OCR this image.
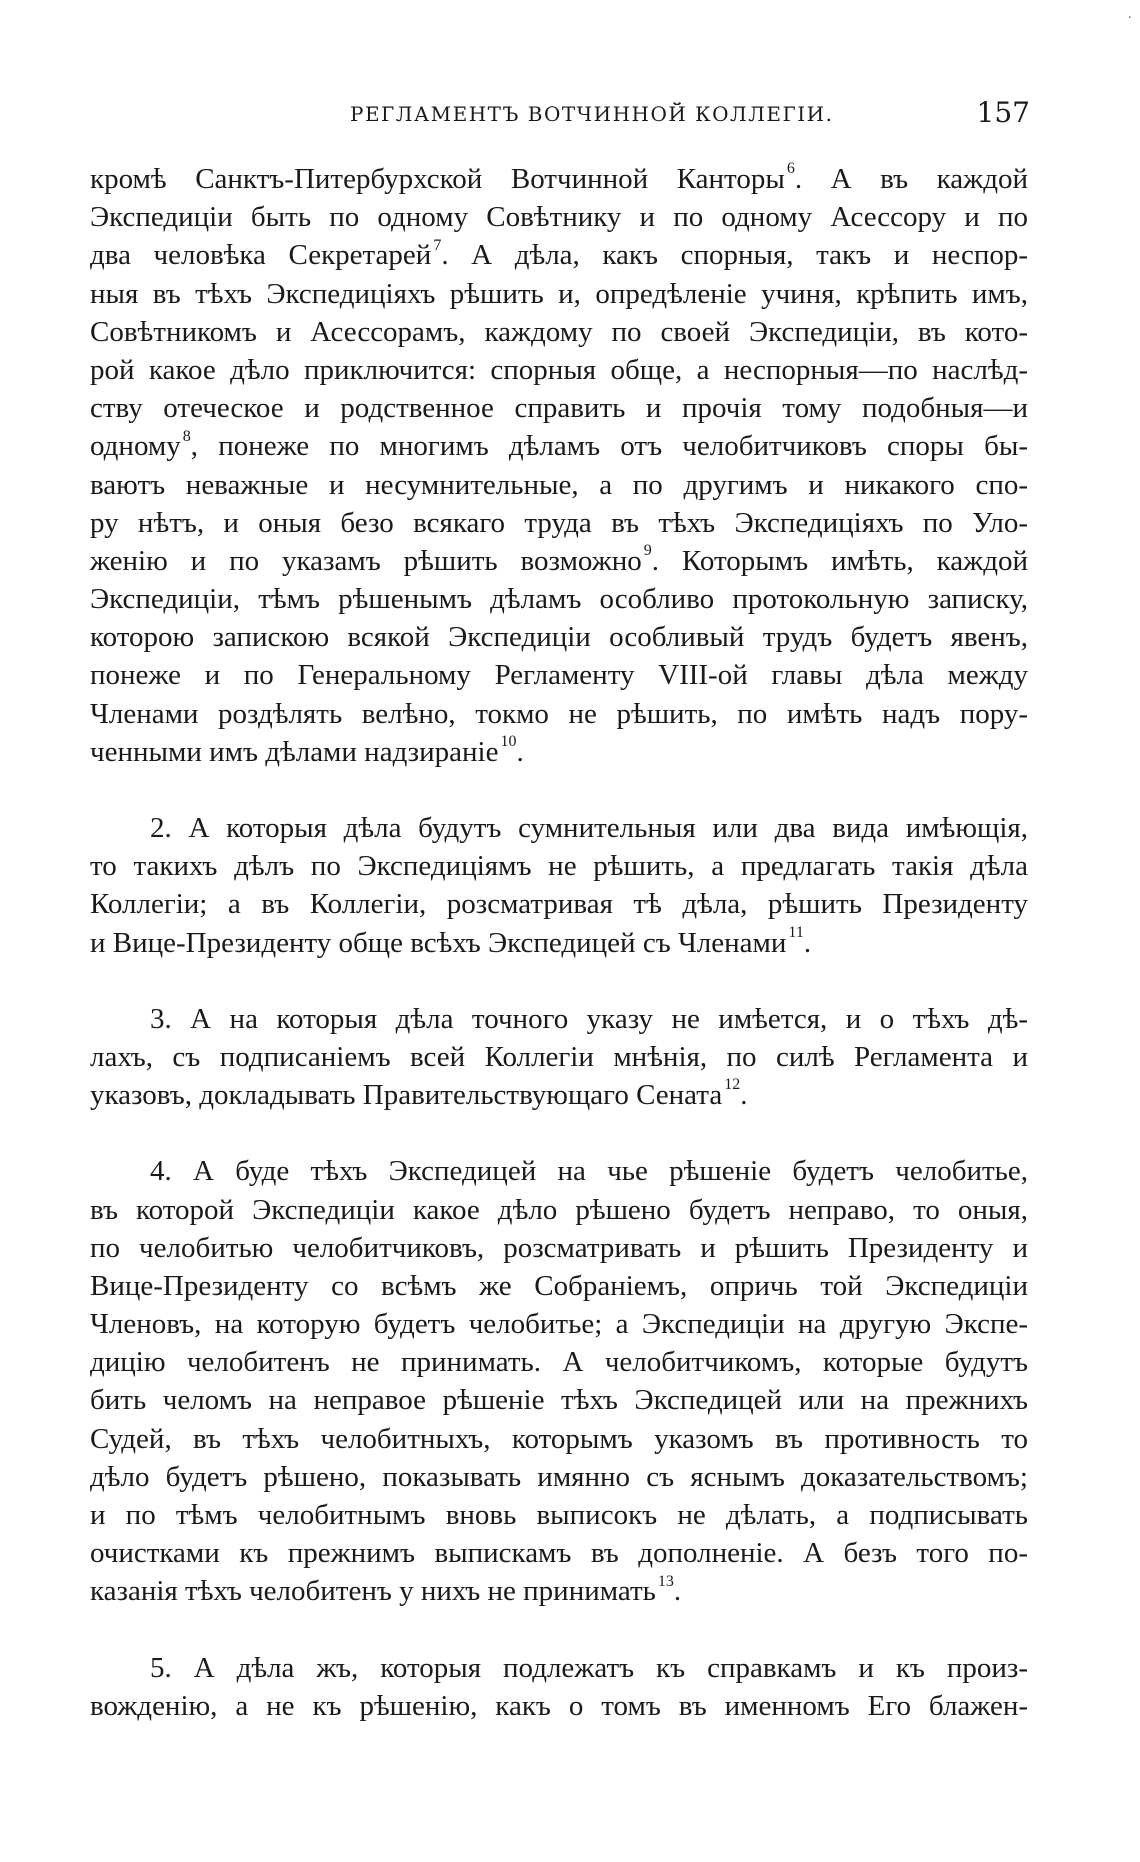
·
РЕГЛАМЕНТЪ ВОТЧИННОЙ КОЛЛЕГІИ.	157
кромѣ Санктъ-Питербурхской Вотчинной Канторы $^6$. А въ каждой
Экспедиціи быть по одному Совѣтнику и по одному Асессору и по
два человѣка Секретарей $^7$. А дѣла, какъ спорныя, такъ и неспор-
ныя въ тѣхъ Экспедиціяхъ рѣшить и, опредѣленіе учиня, крѣпить имъ,
Совѣтникомъ и Асессорамъ, каждому по своей Экспедиціи, въ кото-
рой какое дѣло приключится: спорныя обще, а неспорныя—по наслѣд-
ству отеческое и родственное справить и прочія тому подобныя—и
одному $^8$, понеже по многимъ дѣламъ отъ челобитчиковъ споры бы-
ваютъ неважные и несумнительные, а по другимъ и никакого спо-
ру нѣтъ, и оныя безо всякаго труда въ тѣхъ Экспедиціяхъ по Уло-
женію и по указамъ рѣшить возможно $^9$. Которымъ имѣть, каждой
Экспедиціи, тѣмъ рѣшенымъ дѣламъ особливо протокольную записку,
которою запискою всякой Экспедиціи особливый трудъ будетъ явенъ,
понеже и по Генеральному Регламенту VIII-ой главы дѣла между
Членами роздѣлять велѣно, токмо не рѣшить, по имѣть надъ пору-
ченными имъ дѣлами надзираніе $^{10}$.
2. А которыя дѣла будутъ сумнительныя или два вида имѣющія,
то такихъ дѣлъ по Экспедиціямъ не рѣшить, а предлагать такія дѣла
Коллегіи; а въ Коллегіи, розсматривая тѣ дѣла, рѣшить Президенту
и Вице-Президенту обще всѣхъ Экспедицей съ Членами $^{11}$.
3. А на которыя дѣла точного указу не имѣется, и о тѣхъ дѣ-
лахъ, съ подписаніемъ всей Коллегіи мнѣнія, по силѣ Регламента и
указовъ, докладывать Правительствующаго Сената $^{12}$.
4. А буде тѣхъ Экспедицей на чье рѣшеніе будетъ челобитье,
въ которой Экспедиціи какое дѣло рѣшено будетъ неправо, то оныя,
по челобитью челобитчиковъ, розсматривать и рѣшить Президенту и
Вице-Президенту со всѣмъ же Собраніемъ, опричь той Экспедиціи
Членовъ, на которую будетъ челобитье; а Экспедиціи на другую Экспе-
дицію челобитенъ не принимать. А челобитчикомъ, которые будутъ
бить челомъ на неправое рѣшеніе тѣхъ Экспедицей или на прежнихъ
Судей, въ тѣхъ челобитныхъ, которымъ указомъ въ противность то
дѣло будетъ рѣшено, показывать имянно съ яснымъ доказательствомъ;
и по тѣмъ челобитнымъ вновь выписокъ не дѣлать, а подписывать
очистками къ прежнимъ выпискамъ въ дополненіе. А безъ того по-
казанія тѣхъ челобитенъ у нихъ не принимать $^{13}$.
5. А дѣла жъ, которыя подлежатъ къ справкамъ и къ произ-
вожденію, а не къ рѣшенію, какъ о томъ въ именномъ Его блажен-
